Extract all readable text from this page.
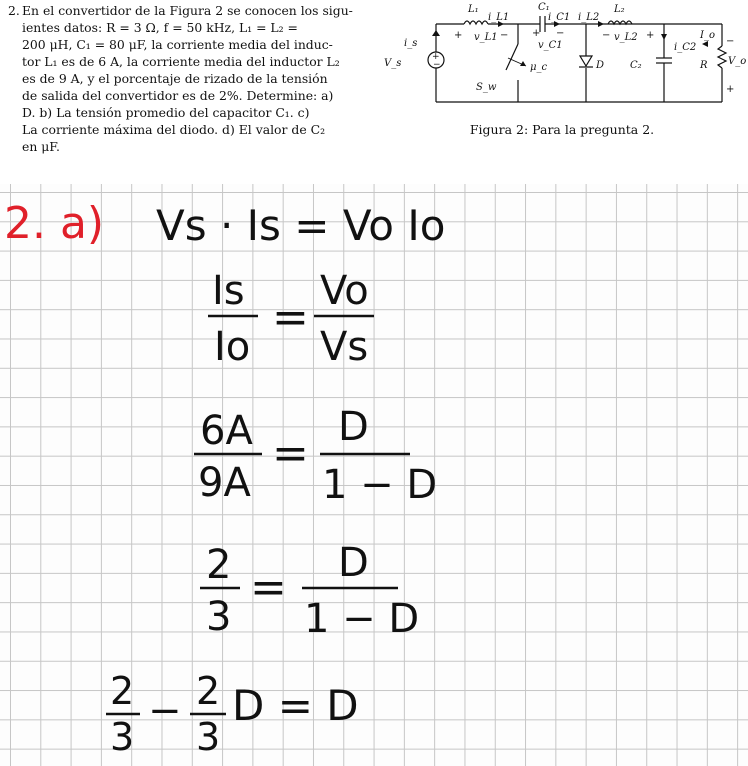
2. En el convertidor de la Figura 2 se conocen los sigu-
ientes datos: R = 3 Ω, f = 50 kHz, L₁ = L₂ =
200 μH, C₁ = 80 μF, la corriente media del induc-
tor L₁ es de 6 A, la corriente media del inductor L₂
es de 9 A, y el porcentaje de rizado de la tensión
de salida del convertidor es de 2%. Determine: a)
D. b) La tensión promedio del capacitor C₁. c)
La corriente máxima del diodo. d) El valor de C₂
en μF.
+
−
L₁
i_L1
C₁
i_C1 i_L2
L₂
v_L1
v_C1
v_L2
i_s
V_s	μ_c
S_w
D	C₂
i_C2
I_o
R V_o
+	− + −	−	+
−
+
Figura 2: Para la pregunta 2.
2. a) Vs · Is = Vo Io
Is
Io
=
Vo
Vs
6A
9A
=
D
1 − D
2
3
= D
1 − D
2
3
− 2
3
D = D
